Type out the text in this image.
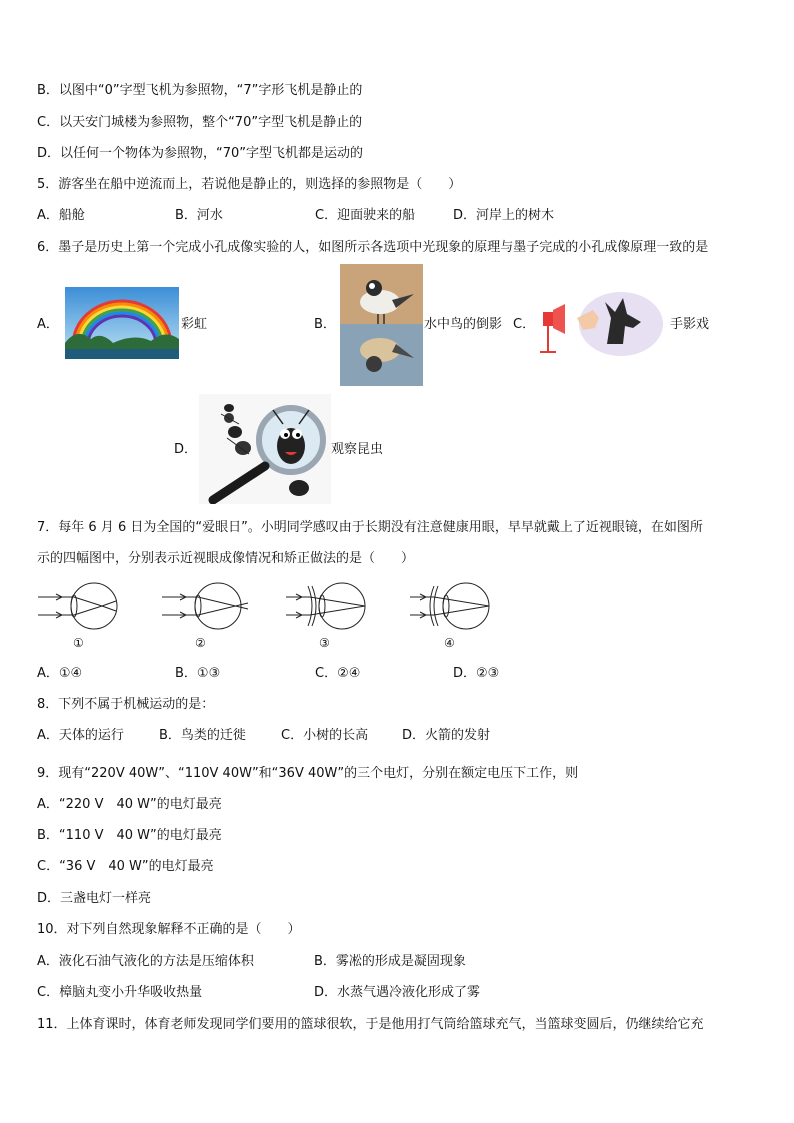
B．以图中“0”字型飞机为参照物，“7”字形飞机是静止的
C．以天安门城楼为参照物，整个“70”字型飞机是静止的
D．以任何一个物体为参照物，“70”字型飞机都是运动的
5．游客坐在船中逆流而上，若说他是静止的，则选择的参照物是（　　）
A．船舱	B．河水	C．迎面驶来的船	D．河岸上的树木
6．墨子是历史上第一个完成小孔成像实验的人，如图所示各选项中光现象的原理与墨子完成的小孔成像原理一致的是
A．	彩虹	B．	水中鸟的倒影 C．	手影戏
D．	观察昆虫
7．每年 6 月 6 日为全国的“爱眼日”。小明同学感叹由于长期没有注意健康用眼，早早就戴上了近视眼镜，在如图所
示的四幅图中，分别表示近视眼成像情况和矫正做法的是（　　）
①	②	③	④
A．①④	B．①③	C．②④	D．②③
8．下列不属于机械运动的是：
A．天体的运行	B．鸟类的迁徙	C．小树的长高	D．火箭的发射
9．现有“220V 40W”、“110V 40W”和“36V 40W”的三个电灯，分别在额定电压下工作，则
A．“220 V　40 W”的电灯最亮
B．“110 V　40 W”的电灯最亮
C．“36 V　40 W”的电灯最亮
D．三盏电灯一样亮
10．对下列自然现象解释不正确的是（　　）
A．液化石油气液化的方法是压缩体积	B．雾凇的形成是凝固现象
C．樟脑丸变小升华吸收热量	D．水蒸气遇冷液化形成了雾
11．上体育课时，体育老师发现同学们要用的篮球很软，于是他用打气筒给篮球充气，当篮球变圆后，仍继续给它充
